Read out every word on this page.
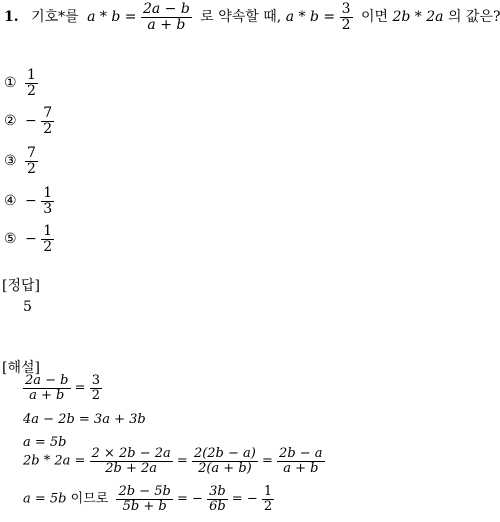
1. 기호*를 $a * b = \frac{2a - b}{a + b}$ 로 약속할 때, $a * b = \frac{3}{2}$ 이면 2b * 2a 의 값은?
① $\frac{1}{2}$
② − $\frac{7}{2}$
③ $\frac{7}{2}$
④ − $\frac{1}{3}$
⑤ − $\frac{1}{2}$
[정답]
5
[해설]
$\frac{2a - b}{a + b} = \frac{3}{2}$
4a − 2b = 3a + 3b
a = 5b
$2b * 2a = \frac{2 \times 2b - 2a}{2b + 2a} = \frac{2(2b - a)}{2(a + b)} = \frac{2b - a}{a + b}$
a = 5b 이므로 $\frac{2b - 5b}{5b + b}$ = − $\frac{3b}{6b}$ = − $\frac{1}{2}$
